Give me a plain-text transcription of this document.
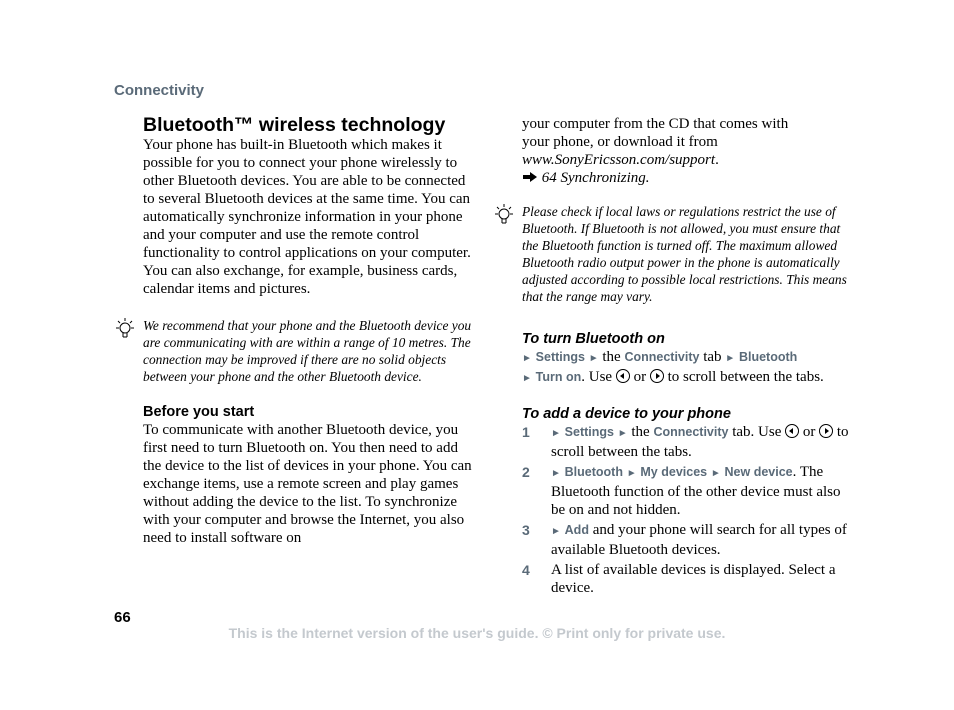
Connectivity
Bluetooth™ wireless technology

Your phone has built-in Bluetooth which makes it possible for you to connect your phone wirelessly to other Bluetooth devices. You are able to be connected to several Bluetooth devices at the same time. You can automatically synchronize information in your phone and your computer and use the remote control functionality to control applications on your computer. You can also exchange, for example, business cards, calendar items and pictures.

We recommend that your phone and the Bluetooth device you are communicating with are within a range of 10 metres. The connection may be improved if there are no solid objects between your phone and the other Bluetooth device.
Before you start

To communicate with another Bluetooth device, you first need to turn Bluetooth on. You then need to add the device to the list of devices in your phone. You can exchange items, use a remote screen and play games without adding the device to the list. To synchronize with your computer and browse the Internet, you also need to install software on

your computer from the CD that comes with your phone, or download it from www.SonyEricsson.com/support.
64 Synchronizing.

Please check if local laws or regulations restrict the use of Bluetooth. If Bluetooth is not allowed, you must ensure that the Bluetooth function is turned off. The maximum allowed Bluetooth radio output power in the phone is automatically adjusted according to possible local restrictions. This means that the range may vary.
To turn Bluetooth on

► Settings ► the Connectivity tab ► Bluetooth
► Turn on. Use or to scroll between the tabs.

To add a device to your phone
1 ► Settings ► the Connectivity tab. Use or to scroll between the tabs.
2 ► Bluetooth ► My devices ► New device. The Bluetooth function of the other device must also be on and not hidden.
3 ► Add and your phone will search for all types of available Bluetooth devices.
4 A list of available devices is displayed. Select a device.
66
This is the Internet version of the user's guide. © Print only for private use.
